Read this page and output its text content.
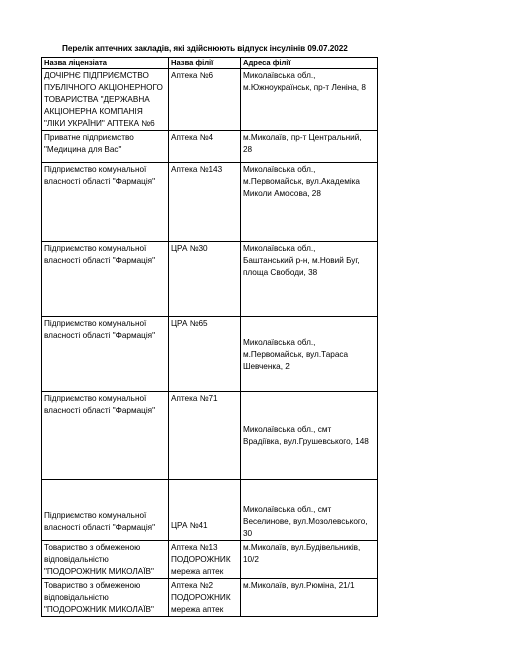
Перелік аптечних закладів, які здійснюють відпуск інсулінів 09.07.2022
Назва ліцензіата	Назва філії	Адреса філії
ДОЧІРНЄ ПІДПРИЄМСТВО
ПУБЛІЧНОГО АКЦІОНЕРНОГО
ТОВАРИСТВА "ДЕРЖАВНА
АКЦІОНЕРНА КОМПАНІЯ
"ЛІКИ УКРАЇНИ" АПТЕКА №6	Аптека №6	Миколаївська обл.,
м.Южноукраїнськ, пр-т Леніна, 8
Приватне підприємство
"Медицина для Вас"	Аптека №4	м.Миколаїв, пр-т Центральний,
28
Підприємство комунальної
власності області "Фармація"	Аптека №143	Миколаївська обл.,
м.Первомайськ, вул.Академіка
Миколи Амосова, 28
Підприємство комунальної
власності області "Фармація"	ЦРА №30	Миколаївська обл.,
Баштанський р-н, м.Новий Буг,
площа Свободи, 38
Підприємство комунальної
власності області "Фармація"	ЦРА №65	Миколаївська обл.,
м.Первомайськ, вул.Тараса
Шевченка, 2
Підприємство комунальної
власності області "Фармація"	Аптека №71	Миколаївська обл., смт
Врадіївка, вул.Грушевського, 148
Підприємство комунальної
власності області "Фармація"	ЦРА №41	Миколаївська обл., смт
Веселинове, вул.Мозолевського,
30
Товариство з обмеженою
відповідальністю
"ПОДОРОЖНИК МИКОЛАЇВ"	Аптека №13
ПОДОРОЖНИК
мережа аптек	м.Миколаїв, вул.Будівельників,
10/2
Товариство з обмеженою
відповідальністю
"ПОДОРОЖНИК МИКОЛАЇВ"	Аптека №2
ПОДОРОЖНИК
мережа аптек	м.Миколаїв, вул.Рюміна, 21/1
